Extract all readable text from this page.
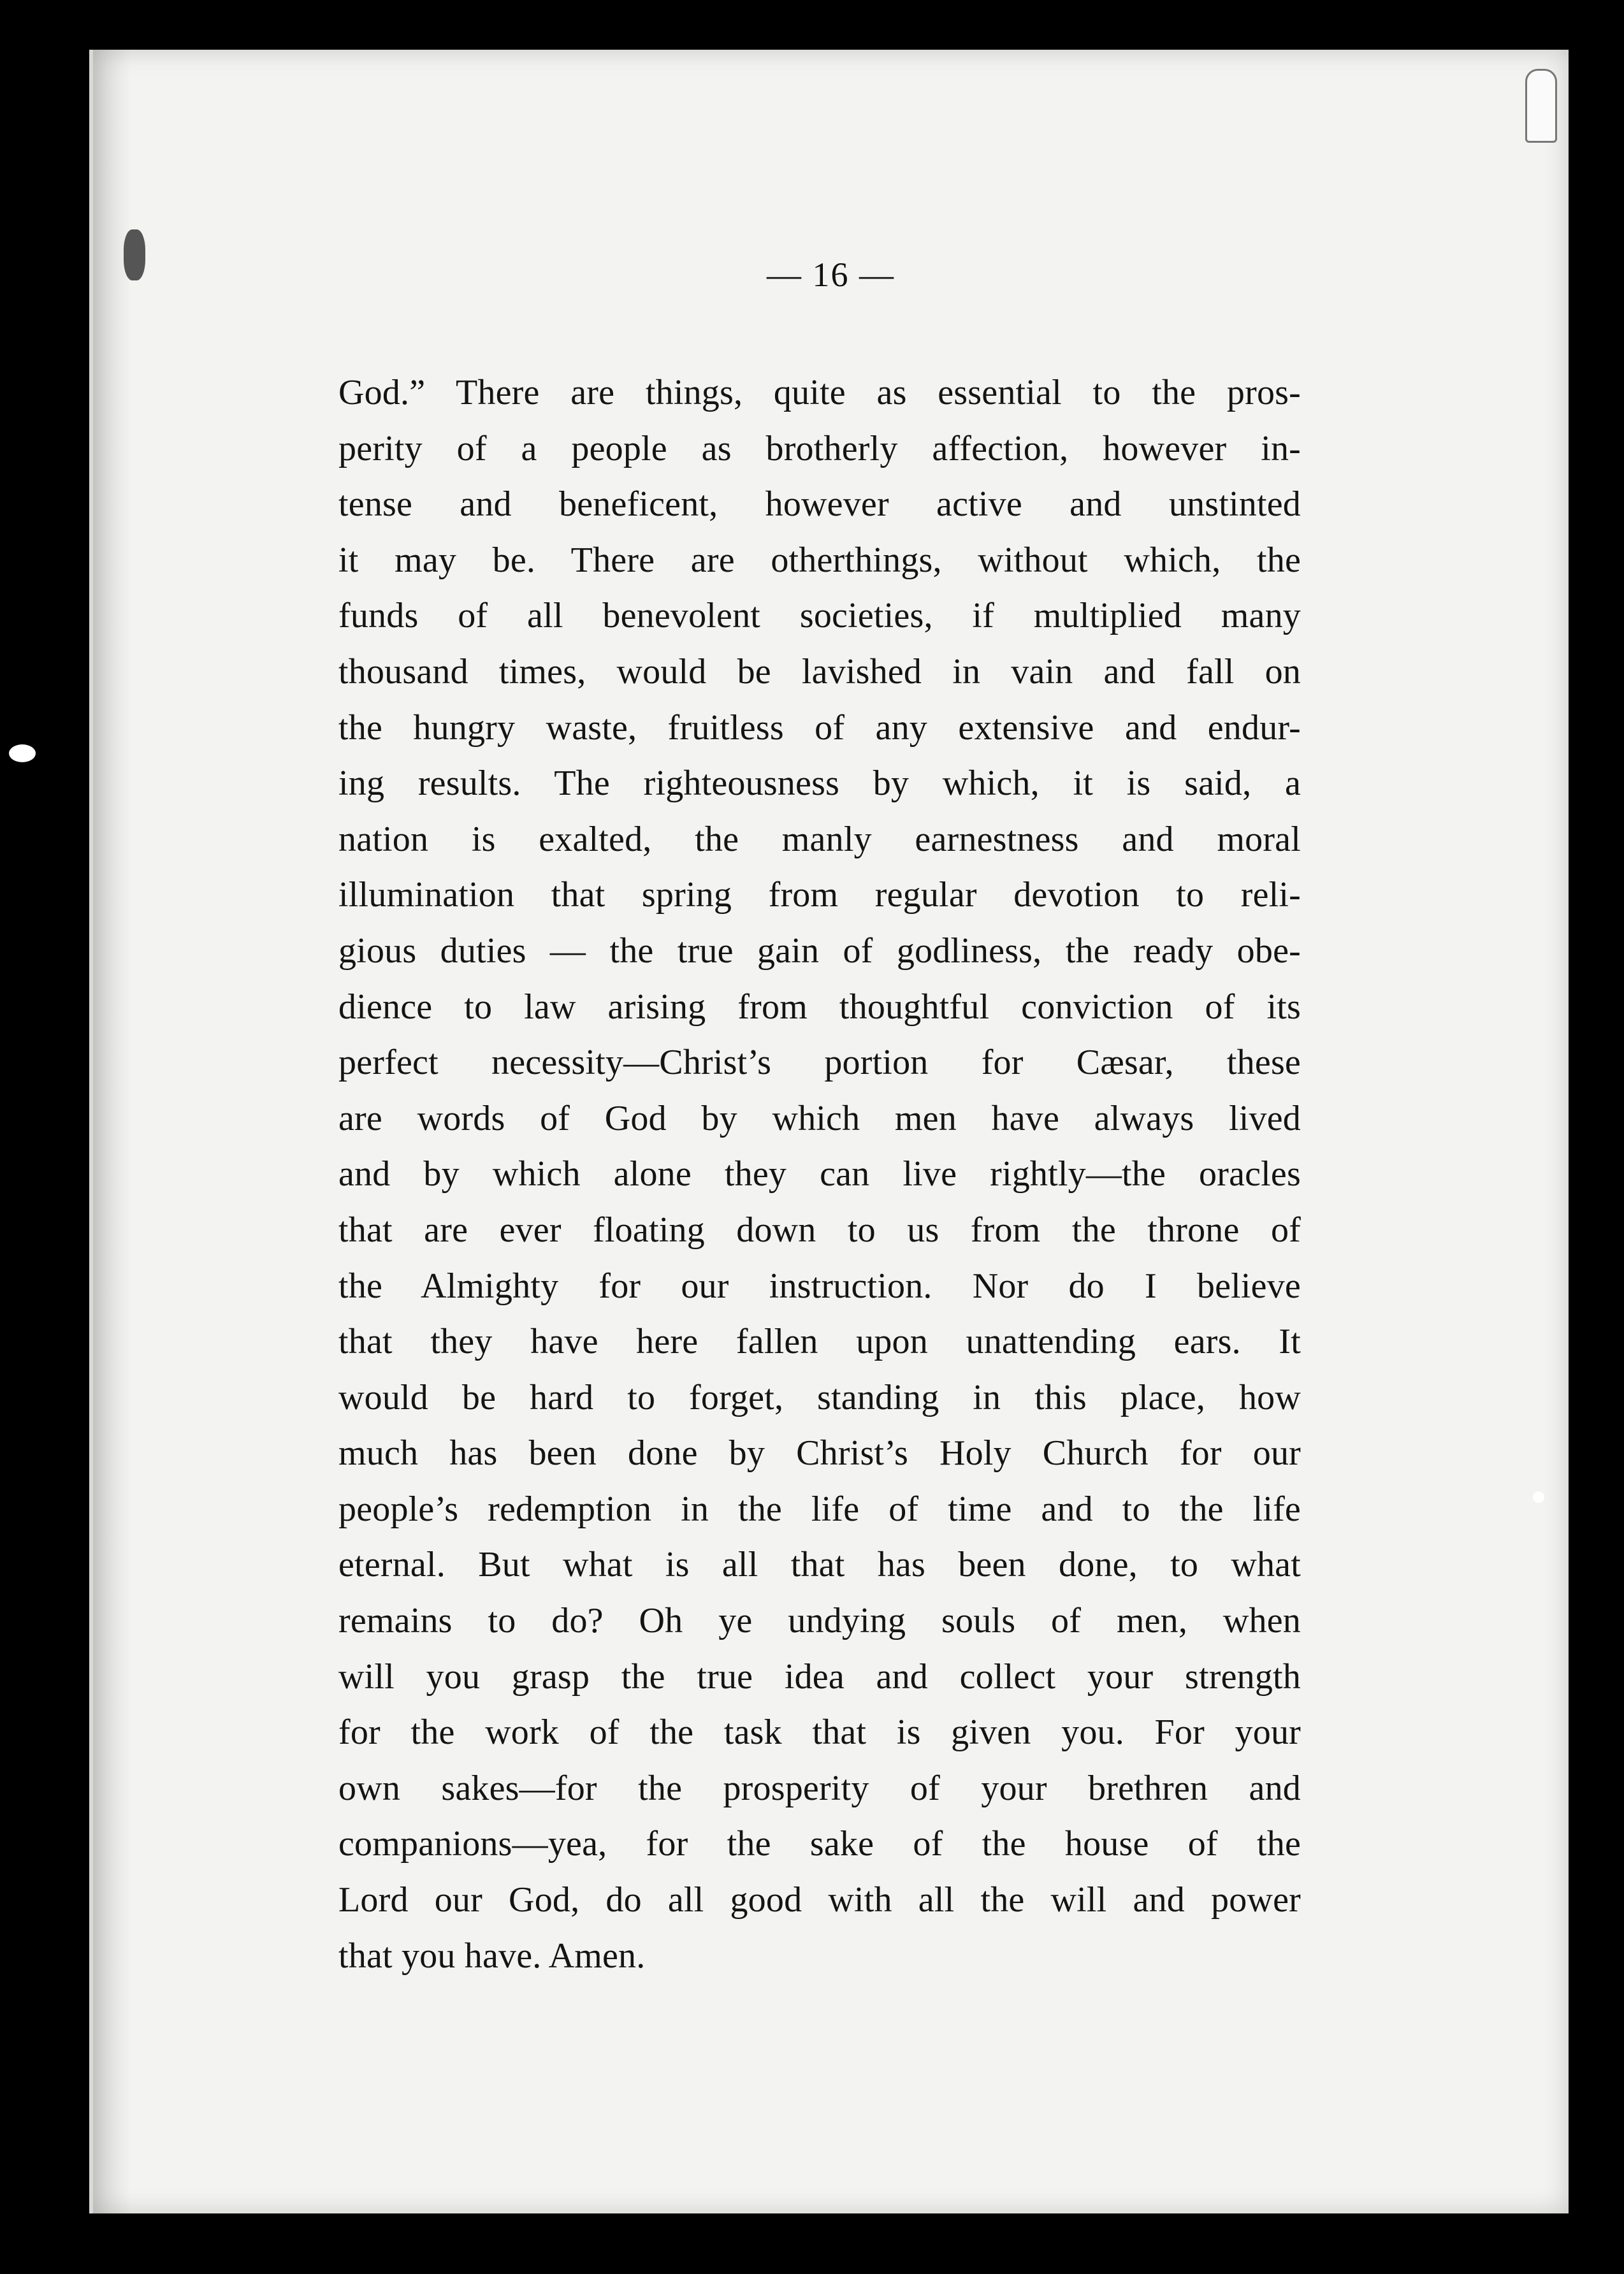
— 16 —
God.” There are things, quite as essential to the pros-
perity of a people as brotherly affection, however in-
tense and beneficent, however active and unstinted
it may be. There are otherthings, without which, the
funds of all benevolent societies, if multiplied many
thousand times, would be lavished in vain and fall on
the hungry waste, fruitless of any extensive and endur-
ing results. The righteousness by which, it is said, a
nation is exalted, the manly earnestness and moral
illumination that spring from regular devotion to reli-
gious duties — the true gain of godliness, the ready obe-
dience to law arising from thoughtful conviction of its
perfect necessity—Christ’s portion for Cæsar, these
are words of God by which men have always lived
and by which alone they can live rightly—the oracles
that are ever floating down to us from the throne of
the Almighty for our instruction. Nor do I believe
that they have here fallen upon unattending ears. It
would be hard to forget, standing in this place, how
much has been done by Christ’s Holy Church for our
people’s redemption in the life of time and to the life
eternal. But what is all that has been done, to what
remains to do? Oh ye undying souls of men, when
will you grasp the true idea and collect your strength
for the work of the task that is given you. For your
own sakes—for the prosperity of your brethren and
companions—yea, for the sake of the house of the
Lord our God, do all good with all the will and power
that you have. Amen.
